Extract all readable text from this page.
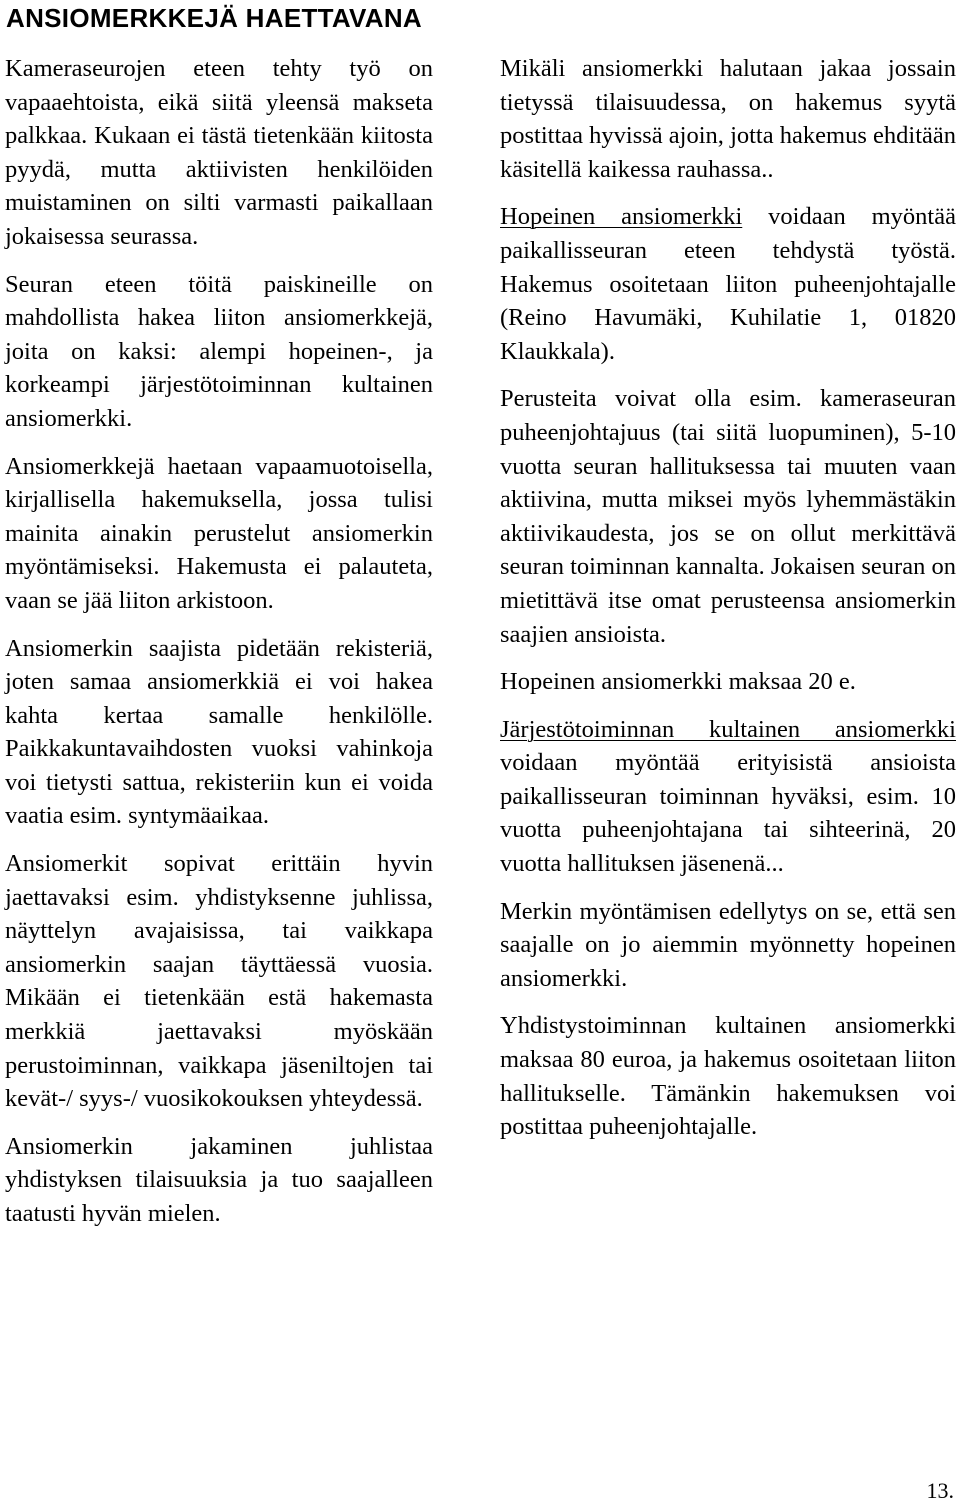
ANSIOMERKKEJÄ HAETTAVANA

Kameraseurojen eteen tehty työ on vapaaehtoista, eikä siitä yleensä makseta palkkaa. Kukaan ei tästä tietenkään kiitosta pyydä, mutta aktiivisten henkilöiden muistaminen on silti varmasti paikallaan jokaisessa seurassa.

Seuran eteen töitä paiskineille on mahdollista hakea liiton ansiomerkkejä, joita on kaksi: alempi hopeinen-, ja korkeampi järjestötoiminnan kultainen ansiomerkki.

Ansiomerkkejä haetaan vapaamuotoisella, kirjallisella hakemuksella, jossa tulisi mainita ainakin perustelut ansiomerkin myöntämiseksi. Hakemusta ei palauteta, vaan se jää liiton arkistoon.

Ansiomerkin saajista pidetään rekisteriä, joten samaa ansiomerkkiä ei voi hakea kahta kertaa samalle henkilölle. Paikkakuntavaihdosten vuoksi vahinkoja voi tietysti sattua, rekisteriin kun ei voida vaatia esim. syntymäaikaa.

Ansiomerkit sopivat erittäin hyvin jaettavaksi esim. yhdistyksenne juhlissa, näyttelyn avajaisissa, tai vaikkapa ansiomerkin saajan täyttäessä vuosia. Mikään ei tietenkään estä hakemasta merkkiä jaettavaksi myöskään perustoiminnan, vaikkapa jäseniltojen tai kevät-/ syys-/ vuosikokouksen yhteydessä.

Ansiomerkin jakaminen juhlistaa yhdistyksen tilaisuuksia ja tuo saajalleen taatusti hyvän mielen.

Mikäli ansiomerkki halutaan jakaa jossain tietyssä tilaisuudessa, on hakemus syytä postittaa hyvissä ajoin, jotta hakemus ehditään käsitellä kaikessa rauhassa..

Hopeinen ansiomerkki voidaan myöntää paikallisseuran eteen tehdystä työstä. Hakemus osoitetaan liiton puheenjohtajalle (Reino Havumäki, Kuhilatie 1, 01820 Klaukkala).

Perusteita voivat olla esim. kameraseuran puheenjohtajuus (tai siitä luopuminen), 5-10 vuotta seuran hallituksessa tai muuten vaan aktiivina, mutta miksei myös lyhemmästäkin aktiivikaudesta, jos se on ollut merkittävä seuran toiminnan kannalta. Jokaisen seuran on mietittävä itse omat perusteensa ansiomerkin saajien ansioista.

Hopeinen ansiomerkki maksaa 20 e.

Järjestötoiminnan kultainen ansiomerkki voidaan myöntää erityisistä ansioista paikallisseuran toiminnan hyväksi, esim. 10 vuotta puheenjohtajana tai sihteerinä, 20 vuotta hallituksen jäsenenä...

Merkin myöntämisen edellytys on se, että sen saajalle on jo aiemmin myönnetty hopeinen ansiomerkki.

Yhdistystoiminnan kultainen ansiomerkki maksaa 80 euroa, ja hakemus osoitetaan liiton hallitukselle. Tämänkin hakemuksen voi postittaa puheenjohtajalle.

13.
